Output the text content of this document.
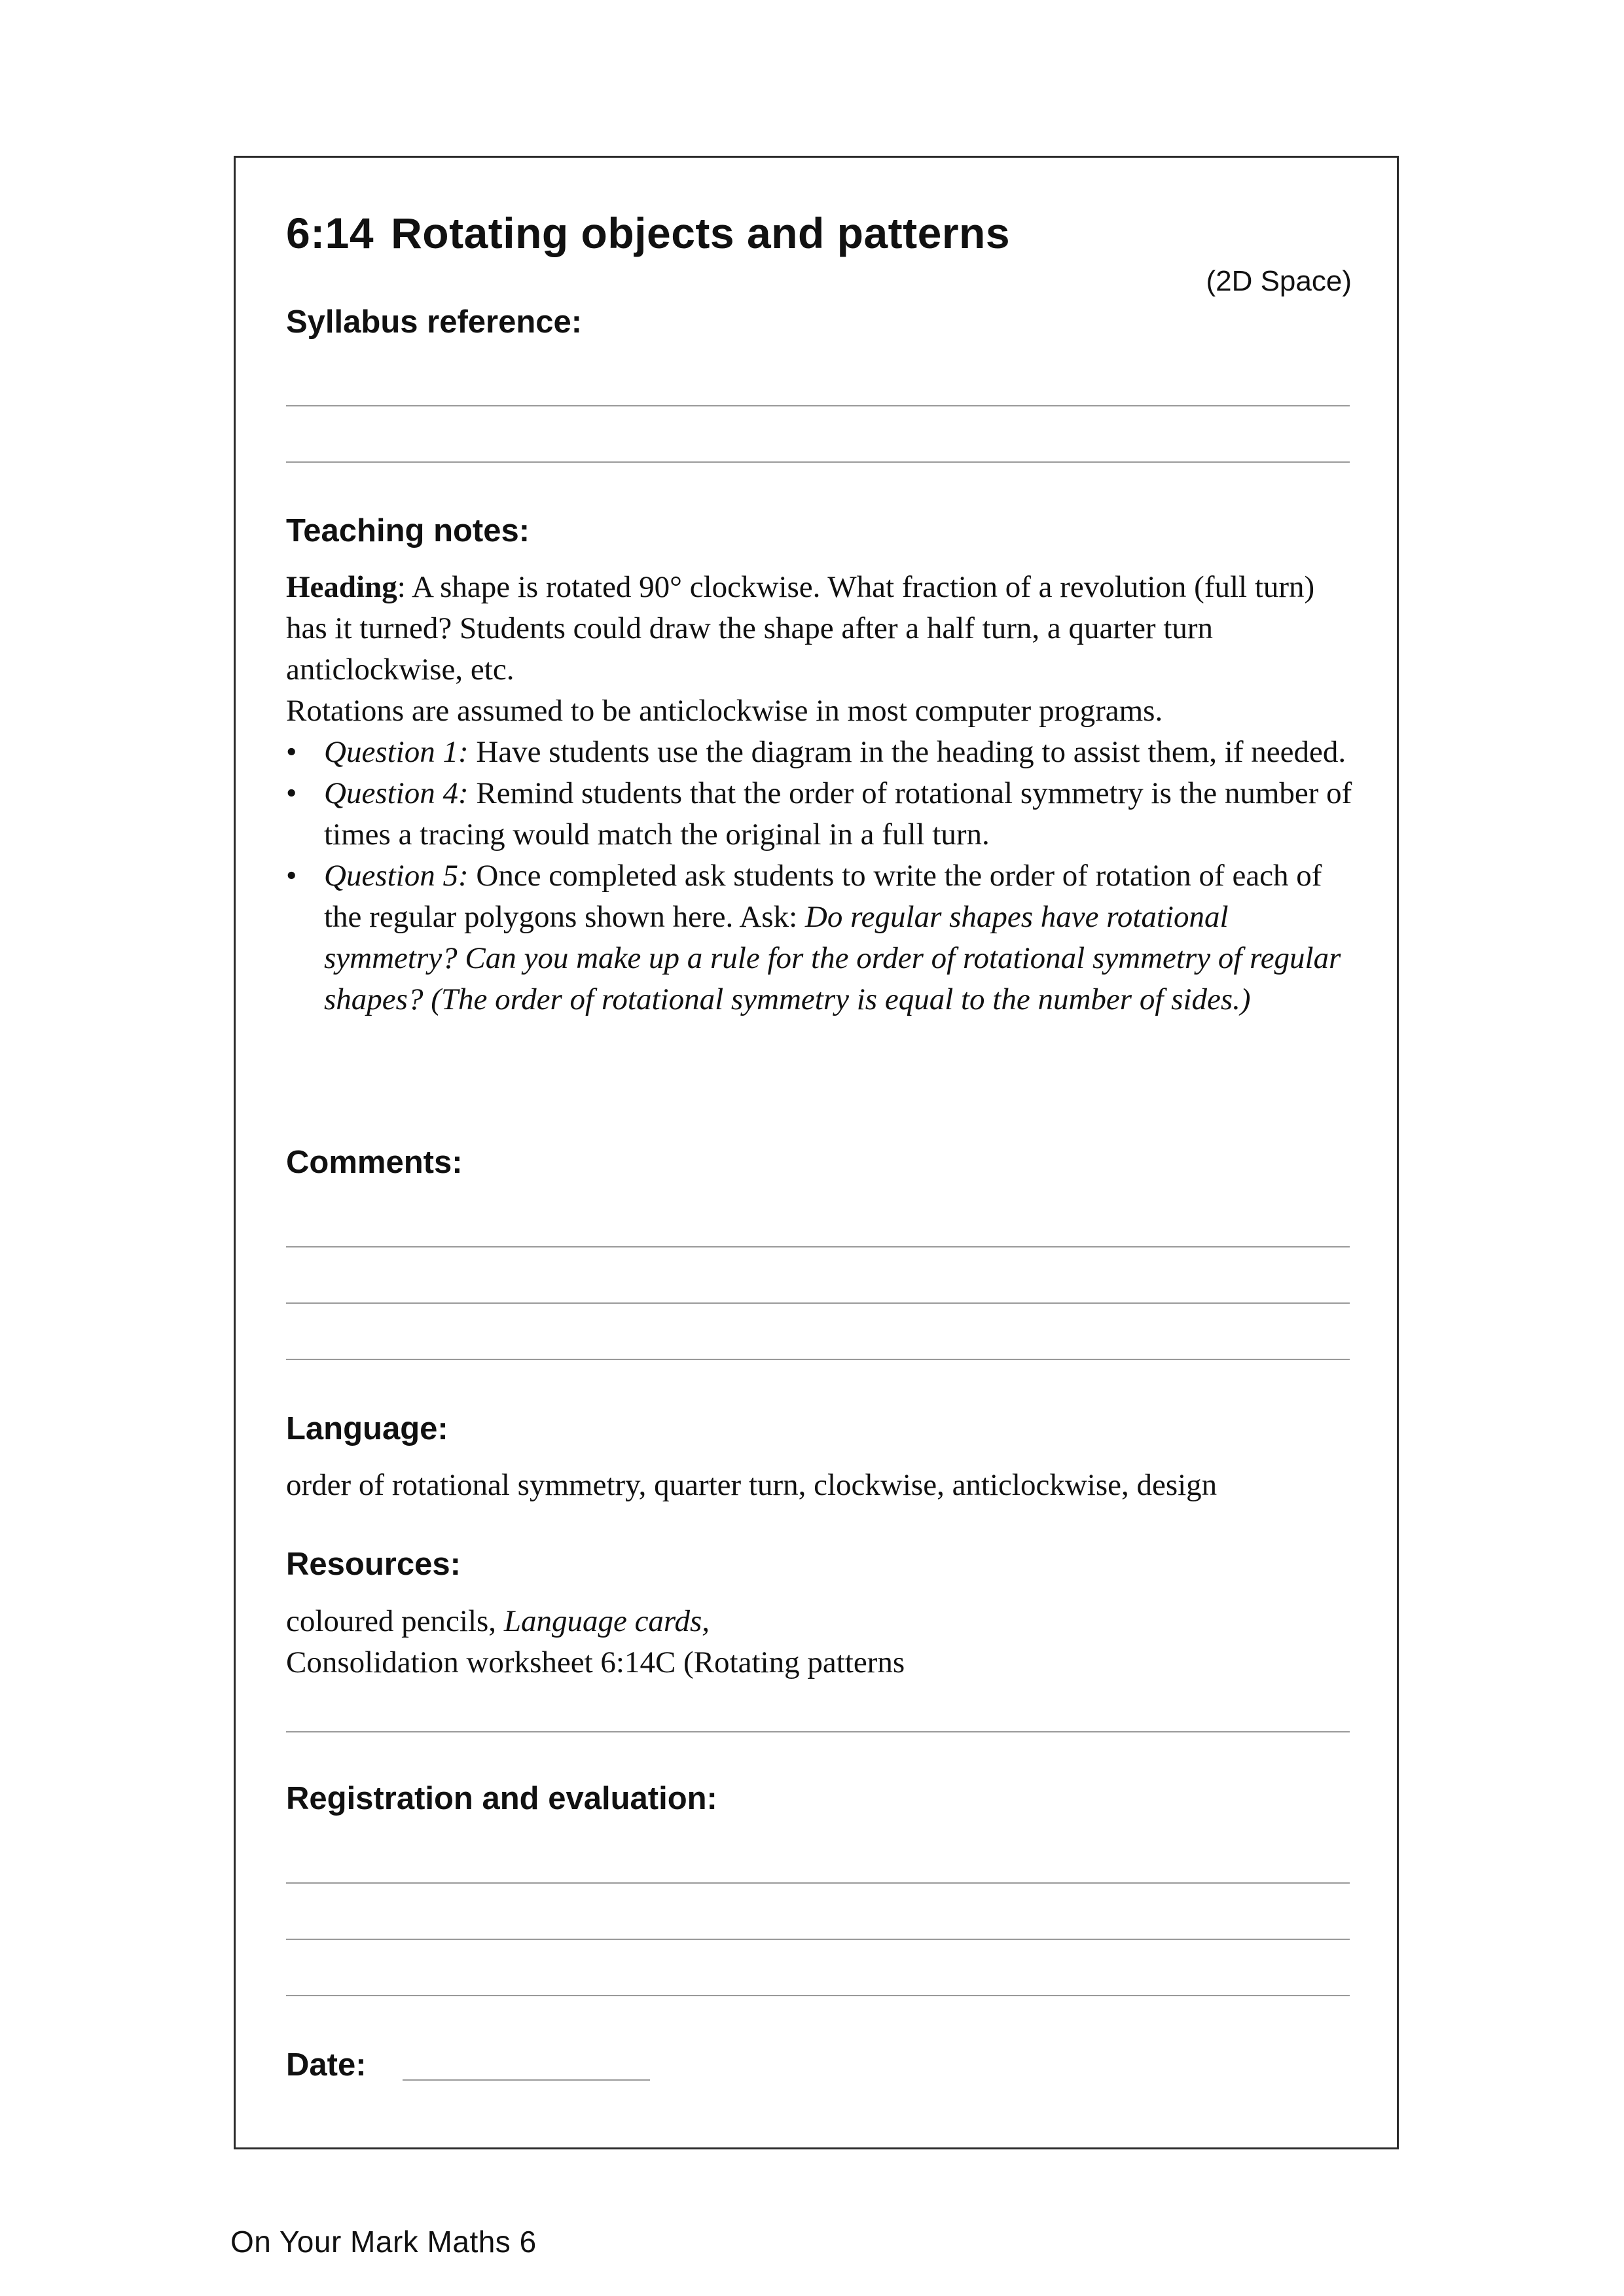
6:14 Rotating objects and patterns
(2D Space)
Syllabus reference:
Teaching notes:

Heading: A shape is rotated 90° clockwise. What fraction of a revolution (full turn) has it turned? Students could draw the shape after a half turn, a quarter turn anticlockwise, etc.

Rotations are assumed to be anticlockwise in most computer programs.

• Question 1: Have students use the diagram in the heading to assist them, if needed.
• Question 4: Remind students that the order of rotational symmetry is the number of times a tracing would match the original in a full turn.
• Question 5: Once completed ask students to write the order of rotation of each of the regular polygons shown here. Ask: Do regular shapes have rotational symmetry? Can you make up a rule for the order of rotational symmetry of regular shapes? (The order of rotational symmetry is equal to the number of sides.)
Comments:
Language:
order of rotational symmetry, quarter turn, clockwise, anticlockwise, design
Resources:

coloured pencils, Language cards,

Consolidation worksheet 6:14C (Rotating patterns

Registration and evaluation:
Date:
On Your Mark Maths 6
